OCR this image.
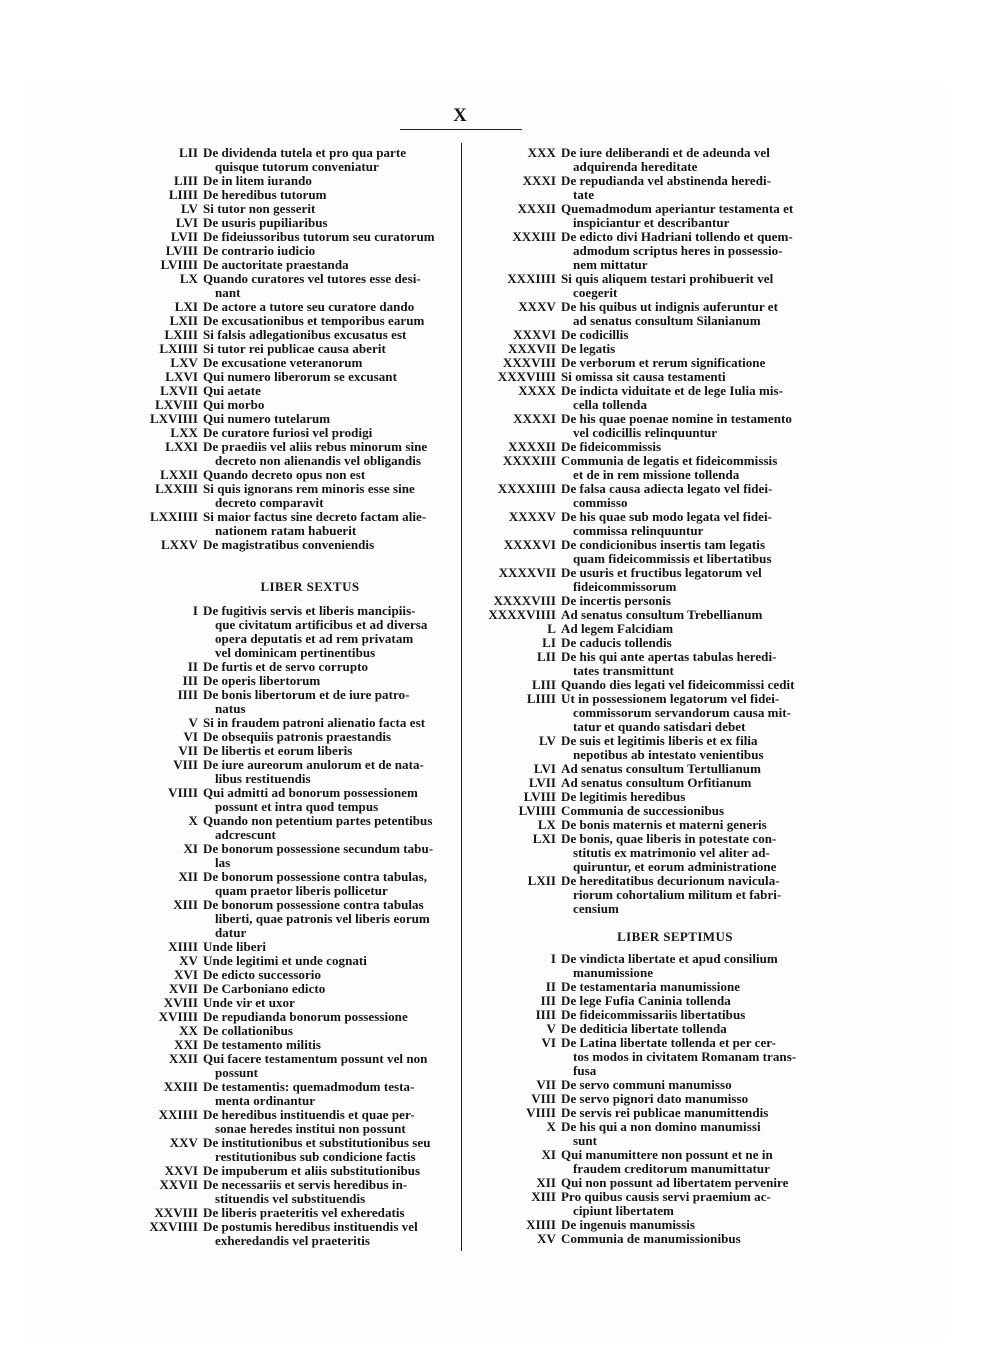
X
LII De dividenda tutela et pro qua parte
quisque tutorum conveniatur
LIII De in litem iurando
LIIII De heredibus tutorum
LV Si tutor non gesserit
LVI De usuris pupiliaribus
LVII De fideiussoribus tutorum seu curatorum
LVIII De contrario iudicio
LVIIII De auctoritate praestanda
LX Quando curatores vel tutores esse desi-
nant
LXI De actore a tutore seu curatore dando
LXII De excusationibus et temporibus earum
LXIII Si falsis adlegationibus excusatus est
LXIIII Si tutor rei publicae causa aberit
LXV De excusatione veteranorum
LXVI Qui numero liberorum se excusant
LXVII Qui aetate
LXVIII Qui morbo
LXVIIII Qui numero tutelarum
LXX De curatore furiosi vel prodigi
LXXI De praediis vel aliis rebus minorum sine
decreto non alienandis vel obligandis
LXXII Quando decreto opus non est
LXXIII Si quis ignorans rem minoris esse sine
decreto comparavit
LXXIIII Si maior factus sine decreto factam alie-
nationem ratam habuerit
LXXV De magistratibus conveniendis
LIBER SEXTUS
I De fugitivis servis et liberis mancipiis-
que civitatum artificibus et ad diversa
opera deputatis et ad rem privatam
vel dominicam pertinentibus
II De furtis et de servo corrupto
III De operis libertorum
IIII De bonis libertorum et de iure patro-
natus
V Si in fraudem patroni alienatio facta est
VI De obsequiis patronis praestandis
VII De libertis et eorum liberis
VIII De iure aureorum anulorum et de nata-
libus restituendis
VIIII Qui admitti ad bonorum possessionem
possunt et intra quod tempus
X Quando non petentium partes petentibus
adcrescunt
XI De bonorum possessione secundum tabu-
las
XII De bonorum possessione contra tabulas,
quam praetor liberis pollicetur
XIII De bonorum possessione contra tabulas
liberti, quae patronis vel liberis eorum
datur
XIIII Unde liberi
XV Unde legitimi et unde cognati
XVI De edicto successorio
XVII De Carboniano edicto
XVIII Unde vir et uxor
XVIIII De repudianda bonorum possessione
XX De collationibus
XXI De testamento militis
XXII Qui facere testamentum possunt vel non
possunt
XXIII De testamentis: quemadmodum testa-
menta ordinantur
XXIIII De heredibus instituendis et quae per-
sonae heredes institui non possunt
XXV De institutionibus et substitutionibus seu
restitutionibus sub condicione factis
XXVI De impuberum et aliis substitutionibus
XXVII De necessariis et servis heredibus in-
stituendis vel substituendis
XXVIII De liberis praeteritis vel exheredatis
XXVIIII De postumis heredibus instituendis vel
exheredandis vel praeteritis
XXX De iure deliberandi et de adeunda vel
adquirenda hereditate
XXXI De repudianda vel abstinenda heredi-
tate
XXXII Quemadmodum aperiantur testamenta et
inspiciantur et describantur
XXXIII De edicto divi Hadriani tollendo et quem-
admodum scriptus heres in possessio-
nem mittatur
XXXIIII Si quis aliquem testari prohibuerit vel
coegerit
XXXV De his quibus ut indignis auferuntur et
ad senatus consultum Silanianum
XXXVI De codicillis
XXXVII De legatis
XXXVIII De verborum et rerum significatione
XXXVIIII Si omissa sit causa testamenti
XXXX De indicta viduitate et de lege Iulia mis-
cella tollenda
XXXXI De his quae poenae nomine in testamento
vel codicillis relinquuntur
XXXXII De fideicommissis
XXXXIII Communia de legatis et fideicommissis
et de in rem missione tollenda
XXXXIIII De falsa causa adiecta legato vel fidei-
commisso
XXXXV De his quae sub modo legata vel fidei-
commissa relinquuntur
XXXXVI De condicionibus insertis tam legatis
quam fideicommissis et libertatibus
XXXXVII De usuris et fructibus legatorum vel
fideicommissorum
XXXXVIII De incertis personis
XXXXVIIII Ad senatus consultum Trebellianum
L Ad legem Falcidiam
LI De caducis tollendis
LII De his qui ante apertas tabulas heredi-
tates transmittunt
LIII Quando dies legati vel fideicommissi cedit
LIIII Ut in possessionem legatorum vel fidei-
commissorum servandorum causa mit-
tatur et quando satisdari debet
LV De suis et legitimis liberis et ex filia
nepotibus ab intestato venientibus
LVI Ad senatus consultum Tertullianum
LVII Ad senatus consultum Orfitianum
LVIII De legitimis heredibus
LVIIII Communia de successionibus
LX De bonis maternis et materni generis
LXI De bonis, quae liberis in potestate con-
stitutis ex matrimonio vel aliter ad-
quiruntur, et eorum administratione
LXII De hereditatibus decurionum navicula-
riorum cohortalium militum et fabri-
censium
LIBER SEPTIMUS
I De vindicta libertate et apud consilium
manumissione
II De testamentaria manumissione
III De lege Fufia Caninia tollenda
IIII De fideicommissariis libertatibus
V De dediticia libertate tollenda
VI De Latina libertate tollenda et per cer-
tos modos in civitatem Romanam trans-
fusa
VII De servo communi manumisso
VIII De servo pignori dato manumisso
VIIII De servis rei publicae manumittendis
X De his qui a non domino manumissi
sunt
XI Qui manumittere non possunt et ne in
fraudem creditorum manumittatur
XII Qui non possunt ad libertatem pervenire
XIII Pro quibus causis servi praemium ac-
cipiunt libertatem
XIIII De ingenuis manumissis
XV Communia de manumissionibus
